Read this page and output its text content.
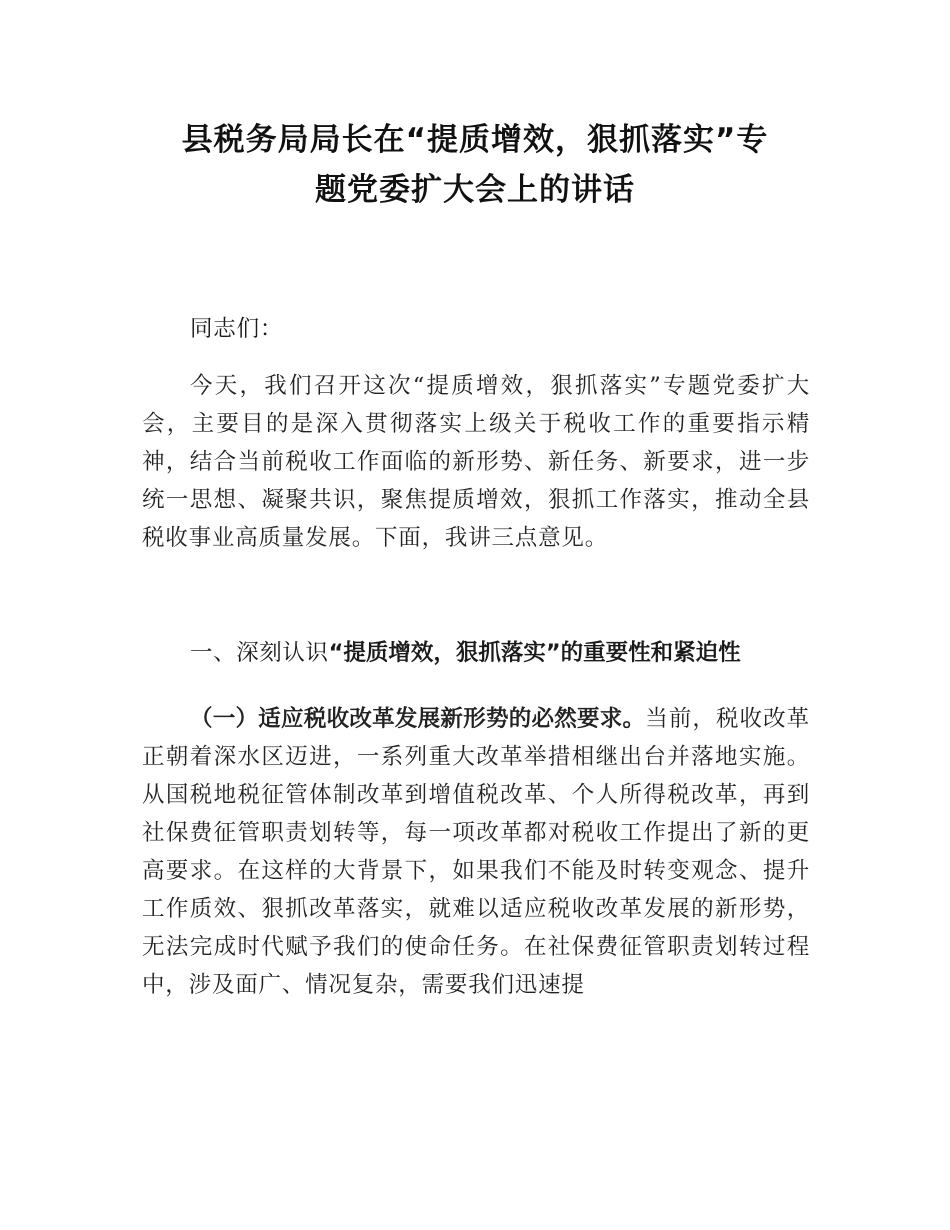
县税务局局长在“提质增效，狠抓落实”专
题党委扩大会上的讲话
同志们：

今天，我们召开这次“提质增效，狠抓落实”专题党委扩大会，主要目的是深入贯彻落实上级关于税收工作的重要指示精神，结合当前税收工作面临的新形势、新任务、新要求，进一步统一思想、凝聚共识，聚焦提质增效，狠抓工作落实，推动全县税收事业高质量发展。下面，我讲三点意见。

一、深刻认识“提质增效，狠抓落实”的重要性和紧迫性

（一）适应税收改革发展新形势的必然要求。当前，税收改革正朝着深水区迈进，一系列重大改革举措相继出台并落地实施。从国税地税征管体制改革到增值税改革、个人所得税改革，再到社保费征管职责划转等，每一项改革都对税收工作提出了新的更高要求。在这样的大背景下，如果我们不能及时转变观念、提升工作质效、狠抓改革落实，就难以适应税收改革发展的新形势，无法完成时代赋予我们的使命任务。在社保费征管职责划转过程中，涉及面广、情况复杂，需要我们迅速提
